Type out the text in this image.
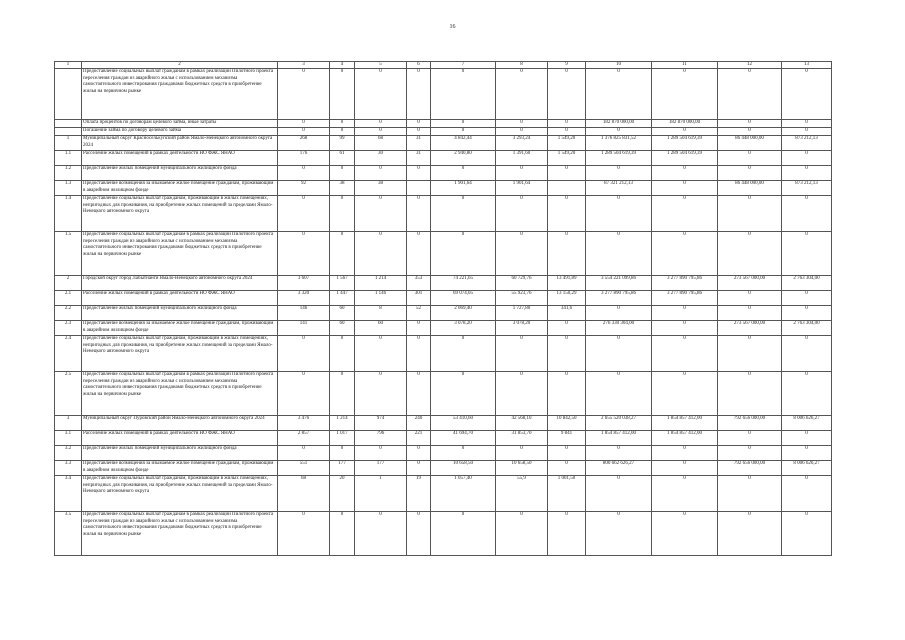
16
1	2	3	4	5	6	7	8	9	10	11	12	13
	Предоставление социальных выплат гражданам в рамках реализации Пилотного проекта переселения граждан из аварийного жилья с использованием механизма самостоятельного инвестирования гражданами бюджетных средств в приобретение жилья на первичном рынке	0	0	0	0	0	0	0	0	0	0	0
	Оплата процентов по договорам целевого займа, иные затраты	0	0	0	0	0	0	0	182 870 000,00	182 870 000,00	0	0
	Погашение займа по договору целевого займа	0	0	0	0	0	0	0	0	0	0	0
1	Муниципальный округ Красноселькупский район Ямало-Ненецкого автономного округа 2024	268	99	68	31	4 842,44	3 293,24	1 549,20	1 376 825 831,52	1 289 504 619,39	86 448 000,00	873 212,13
1.1	Расселение жилых помещений в рамках деятельности НО ФЖС ЯНАО	176	61	30	31	2 940,80	1 391,60	1 549,20	1 289 504 619,39	1 289 504 619,39	0	0
1.2	Предоставление жилых помещений муниципального жилищного фонда	0	0	0	0	0	0	0	0	0	0	0
1.3	Предоставление возмещения за изымаемое жилое помещение гражданам, проживающим в аварийном жилищном фонде	92	38	38		1 901,64	1 901,64		87 321 212,13	0	86 448 000,00	873 212,13
1.4	Предоставление социальных выплат гражданам, проживающим в жилых помещениях, непригодных для проживания, на приобретение жилых помещений за пределами Ямало-Ненецкого автономного округа	0	0	0	0	0	0	0	0	0	0	0
1.5	Предоставление социальных выплат гражданам в рамках реализации Пилотного проекта переселения граждан из аварийного жилья с использованием механизма самостоятельного инвестирования гражданами бюджетных средств в приобретение жилья на первичном рынке	0	0	0	0	0	0	0	0	0	0	0
2	Городской округ город Лабытнанги Ямало-Ненецкого автономного округа 2024	3 607	1 567	1 214	353	74 221,65	60 729,76	13 491,89	3 554 221 099,86	3 277 890 795,86	273 567 000,00	2 763 304,00
2.1	Расселение жилых помещений в рамках деятельности НО ФЖС ЯНАО	3 320	1 447	1 146	301	69 074,05	55 923,76	13 150,29	3 277 890 795,86	3 277 890 795,86	0	0
2.2	Предоставление жилых помещений муниципального жилищного фонда	146	60	8	52	2 069,40	1 727,80	341,6	0	0	0	0
2.3	Предоставление возмещения за изымаемое жилое помещение гражданам, проживающим в аварийном жилищном фонде	141	60	60	0	3 078,20	3 078,20	0	276 330 304,00	0	273 567 000,00	2 763 304,00
2.4	Предоставление социальных выплат гражданам, проживающим в жилых помещениях, непригодных для проживания, на приобретение жилых помещений за пределами Ямало-Ненецкого автономного округа	0	0	0	0	0	0	0	0	0	0	0
2.5	Предоставление социальных выплат гражданам в рамках реализации Пилотного проекта переселения граждан из аварийного жилья с использованием механизма самостоятельного инвестирования гражданами бюджетных средств в приобретение жилья на первичном рынке	0	0	0	0	0	0	0	0	0	0	0
3	Муниципальный округ Пуровский район Ямало-Ненецкого автономного округа 2024	3 476	1 214	974	240	53 410,60	42 568,10	10 842,50	2 655 520 038,27	1 854 857 412,00	792 656 000,00	8 006 626,27
3.1	Расселение жилых помещений в рамках деятельности НО ФЖС ЯНАО	2 857	1 017	796	221	41 694,70	31 853,70	9 841	1 854 857 412,00	1 854 857 412,00	0	0
3.2	Предоставление жилых помещений муниципального жилищного фонда	0	0	0	0	0	0	0	0	0	0	0
3.3	Предоставление возмещения за изымаемое жилое помещение гражданам, проживающим в аварийном жилищном фонде	551	177	177	0	10 658,50	10 658,50	0	800 662 626,27	0	792 656 000,00	8 006 626,27
3.4	Предоставление социальных выплат гражданам, проживающим в жилых помещениях, непригодных для проживания, на приобретение жилых помещений за пределами Ямало-Ненецкого автономного округа	68	20	1	19	1 057,40	55,9	1 001,50	0	0	0	0
3.5	Предоставление социальных выплат гражданам в рамках реализации Пилотного проекта переселения граждан из аварийного жилья с использованием механизма самостоятельного инвестирования гражданами бюджетных средств в приобретение жилья на первичном рынке	0	0	0	0	0	0	0	0	0	0	0
